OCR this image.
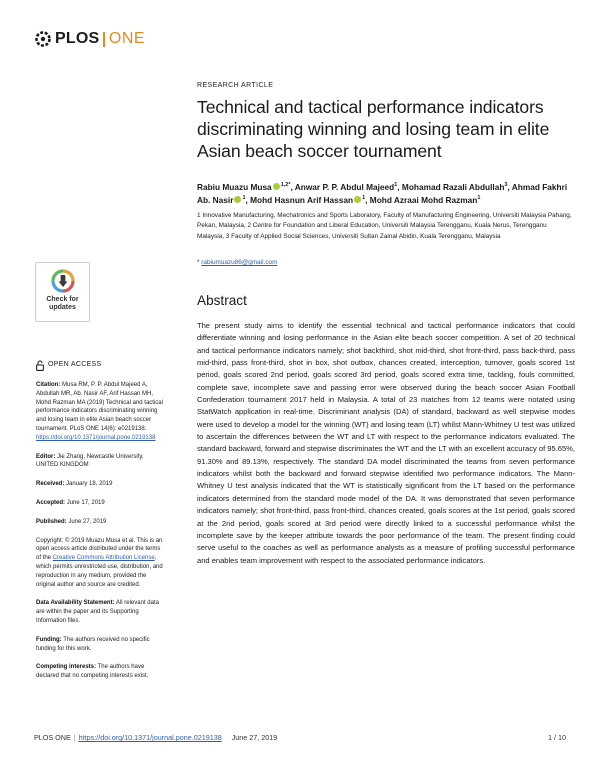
PLOS ONE
RESEARCH ARTICLE
Technical and tactical performance indicators discriminating winning and losing team in elite Asian beach soccer tournament
Rabiu Muazu Musa $^{1,2*}$, Anwar P. P. Abdul Majeed$^1$, Mohamad Razali Abdullah$^3$, Ahmad Fakhri Ab. Nasir $^1$, Mohd Hasnun Arif Hassan $^1$, Mohd Azraai Mohd Razman$^1$
1 Innovative Manufacturing, Mechatronics and Sports Laboratory, Faculty of Manufacturing Engineering, Universiti Malaysia Pahang, Pekan, Malaysia, 2 Centre for Foundation and Liberal Education, Universiti Malaysia Terengganu, Kuala Nerus, Terengganu Malaysia, 3 Faculty of Applied Social Sciences, Universiti Sultan Zainal Abidin, Kuala Terengganu, Malaysia
* rabiumuazu86@gmail.com
Check for
updates	Abstract

The present study aims to identify the essential technical and tactical performance indicators that could differentiate winning and losing performance in the Asian elite beach soccer competition. A set of 20 technical and tactical performance indicators namely; shot backthird, shot mid-third, shot front-third, pass back-third, pass mid-third, pass front-third, shot in box, shot outbox, chances created, interception, turnover, goals scored 1st period, goals scored 2nd period, goals scored 3rd period, goals scored extra time, tackling, fouls committed, complete save, incomplete save and passing error were observed during the beach soccer Asian Football Confederation tournament 2017 held in Malaysia. A total of 23 matches from 12 teams were notated using StatWatch application in real-time. Discriminant analysis (DA) of standard, backward as well stepwise modes were used to develop a model for the winning (WT) and losing team (LT) whilst Mann-Whitney U test was utilized to ascertain the differences between the WT and LT with respect to the performance indicators evaluated. The standard backward, forward and stepwise discriminates the WT and the LT with an excellent accuracy of 95.65%, 91.30% and 89.13%, respectively. The standard DA model discriminated the teams from seven performance indicators whilst both the backward and forward stepwise identified two performance indicators. The Mann-Whitney U test analysis indicated that the WT is statistically significant from the LT based on the performance indicators determined from the standard mode model of the DA. It was demonstrated that seven performance indicators namely; shot front-third, pass front-third, chances created, goals scores at the 1st period, goals scored at the 2nd period, goals scored at 3rd period were directly linked to a successful performance whilst the incomplete save by the keeper attribute towards the poor performance of the team. The present finding could serve useful to the coaches as well as performance analysts as a measure of profiling successful performance and enables team improvement with respect to the associated performance indicators.

OPEN ACCESS

Citation: Musa RM, P. P. Abdul Majeed A, Abdullah MR, Ab. Nasir AF, Arif Hassan MH, Mohd Razman MA (2019) Technical and tactical performance indicators discriminating winning and losing team in elite Asian beach soccer tournament. PLoS ONE 14(6): e0219138. https://doi.org/10.1371/journal.pone.0219138

Editor: Jie Zhang, Newcastle University, UNITED KINGDOM

Received: January 18, 2019

Accepted: June 17, 2019

Published: June 27, 2019

Copyright: © 2019 Muazu Musa et al. This is an open access article distributed under the terms of the Creative Commons Attribution License, which permits unrestricted use, distribution, and reproduction in any medium, provided the original author and source are credited.

Data Availability Statement: All relevant data are within the paper and its Supporting Information files.

Funding: The authors received no specific funding for this work.

Competing interests: The authors have declared that no competing interests exist.

PLOS ONE | https://doi.org/10.1371/journal.pone.0219138 June 27, 2019	1 / 10
